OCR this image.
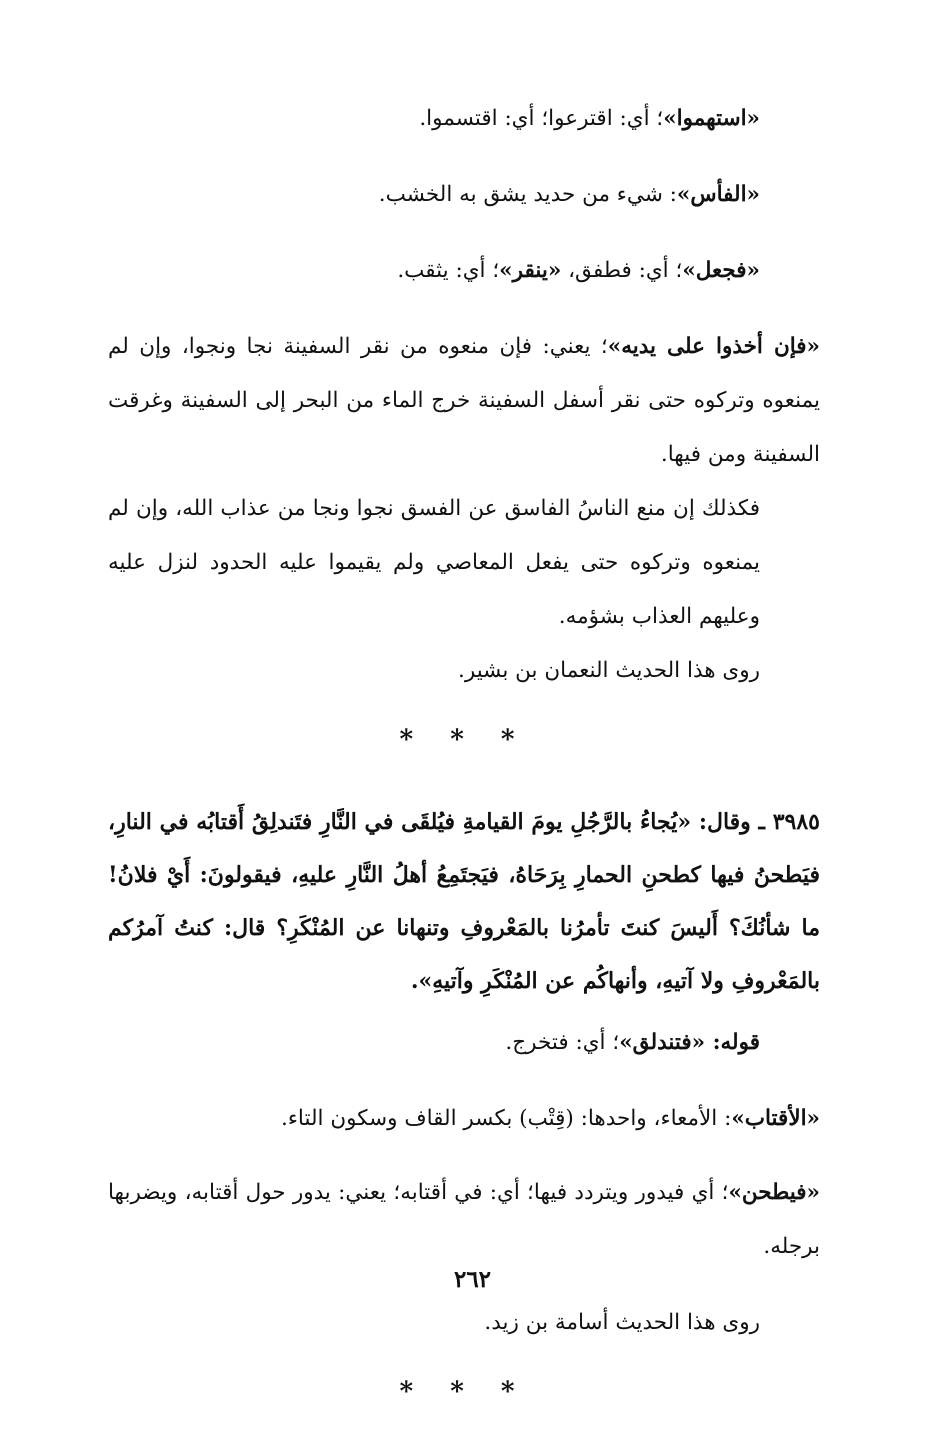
«استهموا»؛ أي: اقترعوا؛ أي: اقتسموا.

«الفأس»: شيء من حديد يشق به الخشب.

«فجعل»؛ أي: فطفق، «ينقر»؛ أي: يثقب.

«فإن أخذوا على يديه»؛ يعني: فإن منعوه من نقر السفينة نجا ونجوا، وإن لم يمنعوه وتركوه حتى نقر أسفل السفينة خرج الماء من البحر إلى السفينة وغرقت السفينة ومن فيها.

فكذلك إن منع الناسُ الفاسق عن الفسق نجوا ونجا من عذاب الله، وإن لم يمنعوه وتركوه حتى يفعل المعاصي ولم يقيموا عليه الحدود لنزل عليه وعليهم العذاب بشؤمه.

روى هذا الحديث النعمان بن بشير.

* * *

٣٩٨٥ ـ وقال: «يُجاءُ بالرَّجُلِ يومَ القيامةِ فيُلقَى في النَّارِ فتَندلِقُ أَقتابُه في النارِ، فيَطحنُ فيها كطحنِ الحمارِ بِرَحَاهُ، فيَجتَمِعُ أهلُ النَّارِ عليهِ، فيقولونَ: أَيْ فلانُ! ما شأنُكَ؟ أَليسَ كنتَ تأمرُنا بالمَعْروفِ وتنهانا عن المُنْكَرِ؟ قال: كنتُ آمرُكم بالمَعْروفِ ولا آتيهِ، وأنهاكُم عن المُنْكَرِ وآتيهِ».

قوله: «فتندلق»؛ أي: فتخرج.

«الأقتاب»: الأمعاء، واحدها: (قِتْب) بكسر القاف وسكون التاء.

«فيطحن»؛ أي فيدور ويتردد فيها؛ أي: في أقتابه؛ يعني: يدور حول أقتابه، ويضربها برجله.

روى هذا الحديث أسامة بن زيد.

* * *
٢٦٢
